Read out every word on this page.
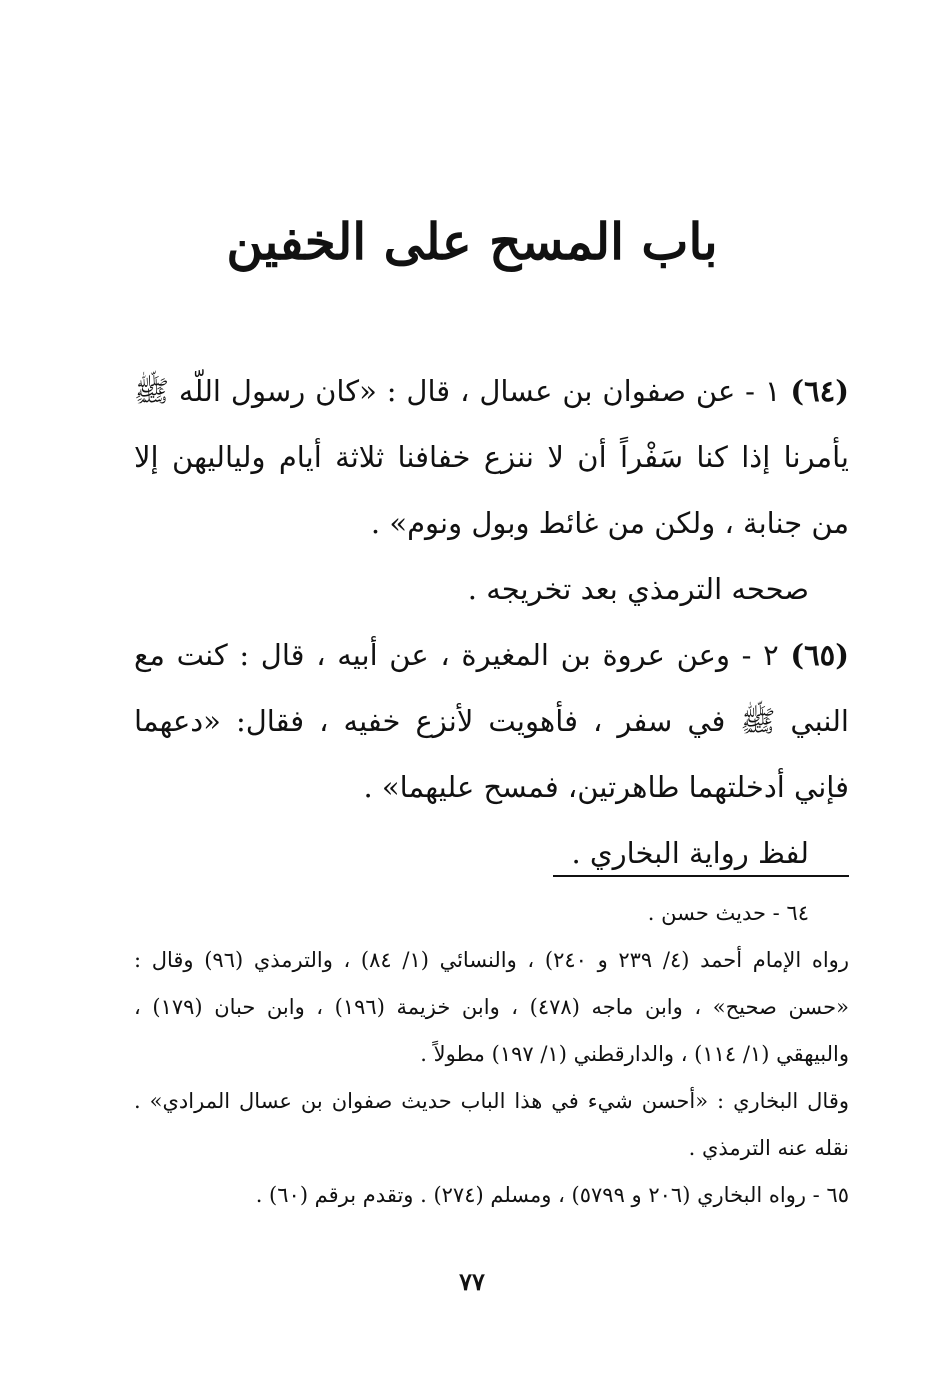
باب المسح على الخفين

(٦٤) ١ - عن صفوان بن عسال ، قال : «كان رسول اللّه ﷺ يأمرنا إذا كنا سَفْراً أن لا ننزع خفافنا ثلاثة أيام ولياليهن إلا من جنابة ، ولكن من غائط وبول ونوم» .

صححه الترمذي بعد تخريجه .

(٦٥) ٢ - وعن عروة بن المغيرة ، عن أبيه ، قال : كنت مع النبي ﷺ في سفر ، فأهويت لأنزع خفيه ، فقال: «دعهما فإني أدخلتهما طاهرتين، فمسح عليهما» .

لفظ رواية البخاري .

٦٤ - حديث حسن .

رواه الإمام أحمد (٤/ ٢٣٩ و ٢٤٠) ، والنسائي (١/ ٨٤) ، والترمذي (٩٦) وقال : «حسن صحيح» ، وابن ماجه (٤٧٨) ، وابن خزيمة (١٩٦) ، وابن حبان (١٧٩) ، والبيهقي (١/ ١١٤) ، والدارقطني (١/ ١٩٧) مطولاً .

وقال البخاري : «أحسن شيء في هذا الباب حديث صفوان بن عسال المرادي» . نقله عنه الترمذي .

٦٥ - رواه البخاري (٢٠٦ و ٥٧٩٩) ، ومسلم (٢٧٤) . وتقدم برقم (٦٠) .

٧٧
